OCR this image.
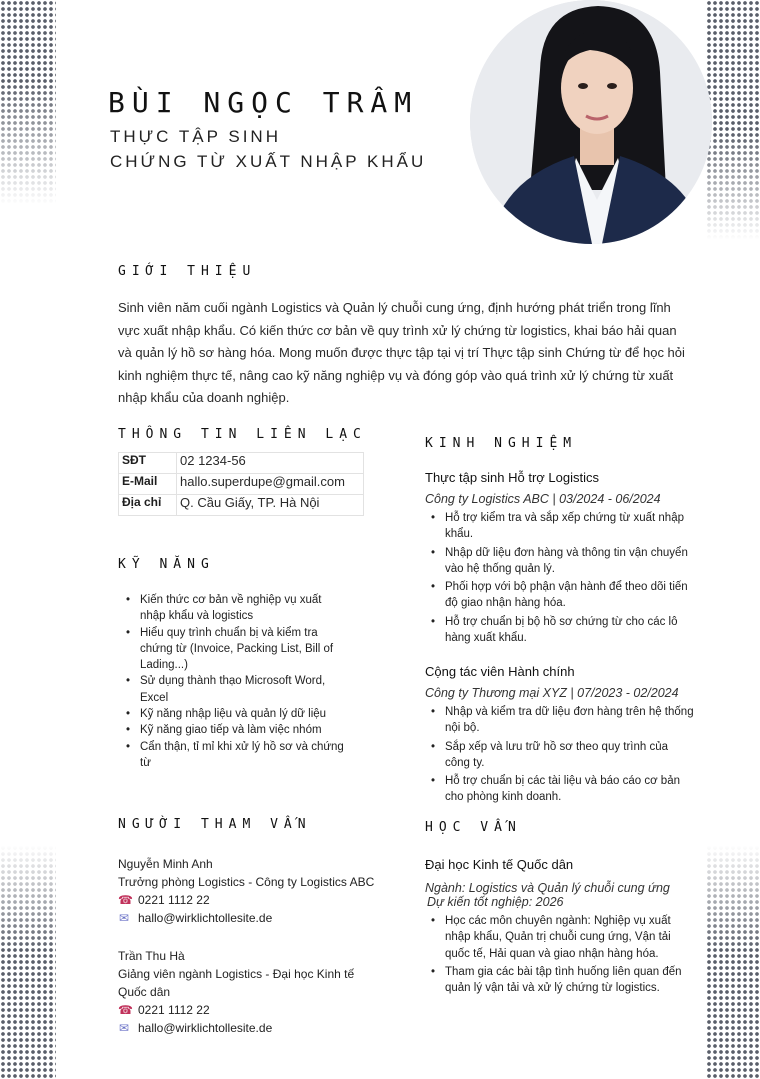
BÙI NGỌC TRÂM
THỰC TẬP SINH
CHỨNG TỪ XUẤT NHẬP KHẨU
GIỚI THIỆU

Sinh viên năm cuối ngành Logistics và Quản lý chuỗi cung ứng, định hướng phát triển trong lĩnh vực xuất nhập khẩu. Có kiến thức cơ bản về quy trình xử lý chứng từ logistics, khai báo hải quan và quản lý hồ sơ hàng hóa. Mong muốn được thực tập tại vị trí Thực tập sinh Chứng từ để học hỏi kinh nghiệm thực tế, nâng cao kỹ năng nghiệp vụ và đóng góp vào quá trình xử lý chứng từ xuất nhập khẩu của doanh nghiệp.

THÔNG TIN LIÊN LẠC
SĐT	02 1234-56
E-Mail	hallo.superdupe@gmail.com
Địa chỉ	Q. Cầu Giấy, TP. Hà Nội
KỸ NĂNG
• Kiến thức cơ bản về nghiệp vụ xuất nhập khẩu và logistics
• Hiểu quy trình chuẩn bị và kiểm tra chứng từ (Invoice, Packing List, Bill of Lading...)
• Sử dụng thành thạo Microsoft Word, Excel
• Kỹ năng nhập liệu và quản lý dữ liệu
• Kỹ năng giao tiếp và làm việc nhóm
• Cẩn thận, tỉ mỉ khi xử lý hồ sơ và chứng từ
NGƯỜI THAM VẤN
Nguyễn Minh Anh
Trưởng phòng Logistics - Công ty Logistics ABC
☎ 0221 1112 22
✉ hallo@wirklichtollesite.de
Trần Thu Hà
Giảng viên ngành Logistics - Đại học Kinh tế Quốc dân
☎ 0221 1112 22
✉ hallo@wirklichtollesite.de
KINH NGHIỆM
Thực tập sinh Hỗ trợ Logistics
Công ty Logistics ABC | 03/2024 - 06/2024
• Hỗ trợ kiểm tra và sắp xếp chứng từ xuất nhập khẩu.
• Nhập dữ liệu đơn hàng và thông tin vận chuyển vào hệ thống quản lý.
• Phối hợp với bộ phận vận hành để theo dõi tiến độ giao nhận hàng hóa.
• Hỗ trợ chuẩn bị bộ hồ sơ chứng từ cho các lô hàng xuất khẩu.
Cộng tác viên Hành chính
Công ty Thương mại XYZ | 07/2023 - 02/2024
• Nhập và kiểm tra dữ liệu đơn hàng trên hệ thống nội bộ.
• Sắp xếp và lưu trữ hồ sơ theo quy trình của công ty.
• Hỗ trợ chuẩn bị các tài liệu và báo cáo cơ bản cho phòng kinh doanh.
HỌC VẤN
Đại học Kinh tế Quốc dân
Ngành: Logistics và Quản lý chuỗi cung ứng
Dự kiến tốt nghiệp: 2026
• Học các môn chuyên ngành: Nghiệp vụ xuất nhập khẩu, Quản trị chuỗi cung ứng, Vận tải quốc tế, Hải quan và giao nhận hàng hóa.
• Tham gia các bài tập tình huống liên quan đến quản lý vận tải và xử lý chứng từ logistics.
